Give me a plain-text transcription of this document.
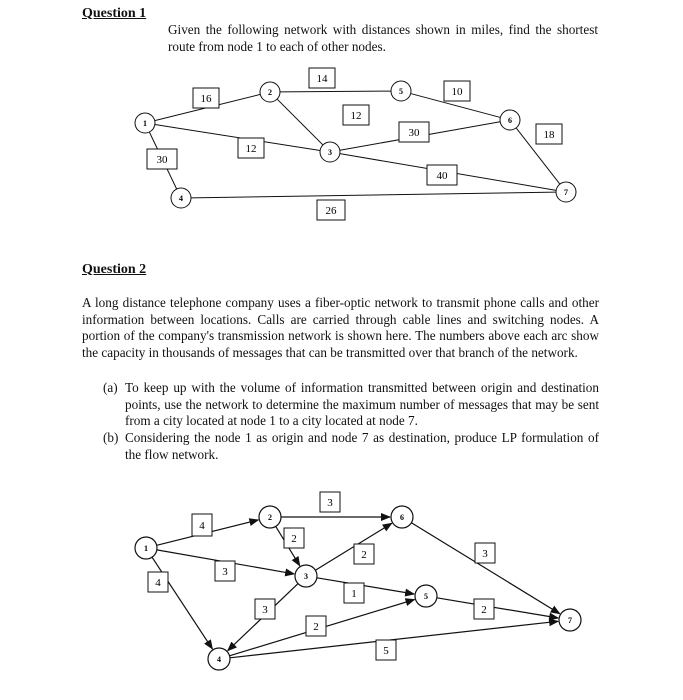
Question 1

Given the following network with distances shown in miles, find the shortest route from node 1 to each of other nodes.

16
12
30
14
12
30
40
10
18
26
1
2
3
4
5
6
7
Question 2

A long distance telephone company uses a fiber-optic network to transmit phone calls and other information between locations. Calls are carried through cable lines and switching nodes. A portion of the company's transmission network is shown here. The numbers above each arc show the capacity in thousands of messages that can be transmitted over that branch of the network.

(a) To keep up with the volume of information transmitted between origin and destination points, use the network to determine the maximum number of messages that may be sent from a city located at node 1 to a city located at node 7.

(b) Considering the node 1 as origin and node 7 as destination, produce LP formulation of the flow network.

4
3
4
3
2
2
1
3
2
5
2
3
1
2
3
4
5
6
7
